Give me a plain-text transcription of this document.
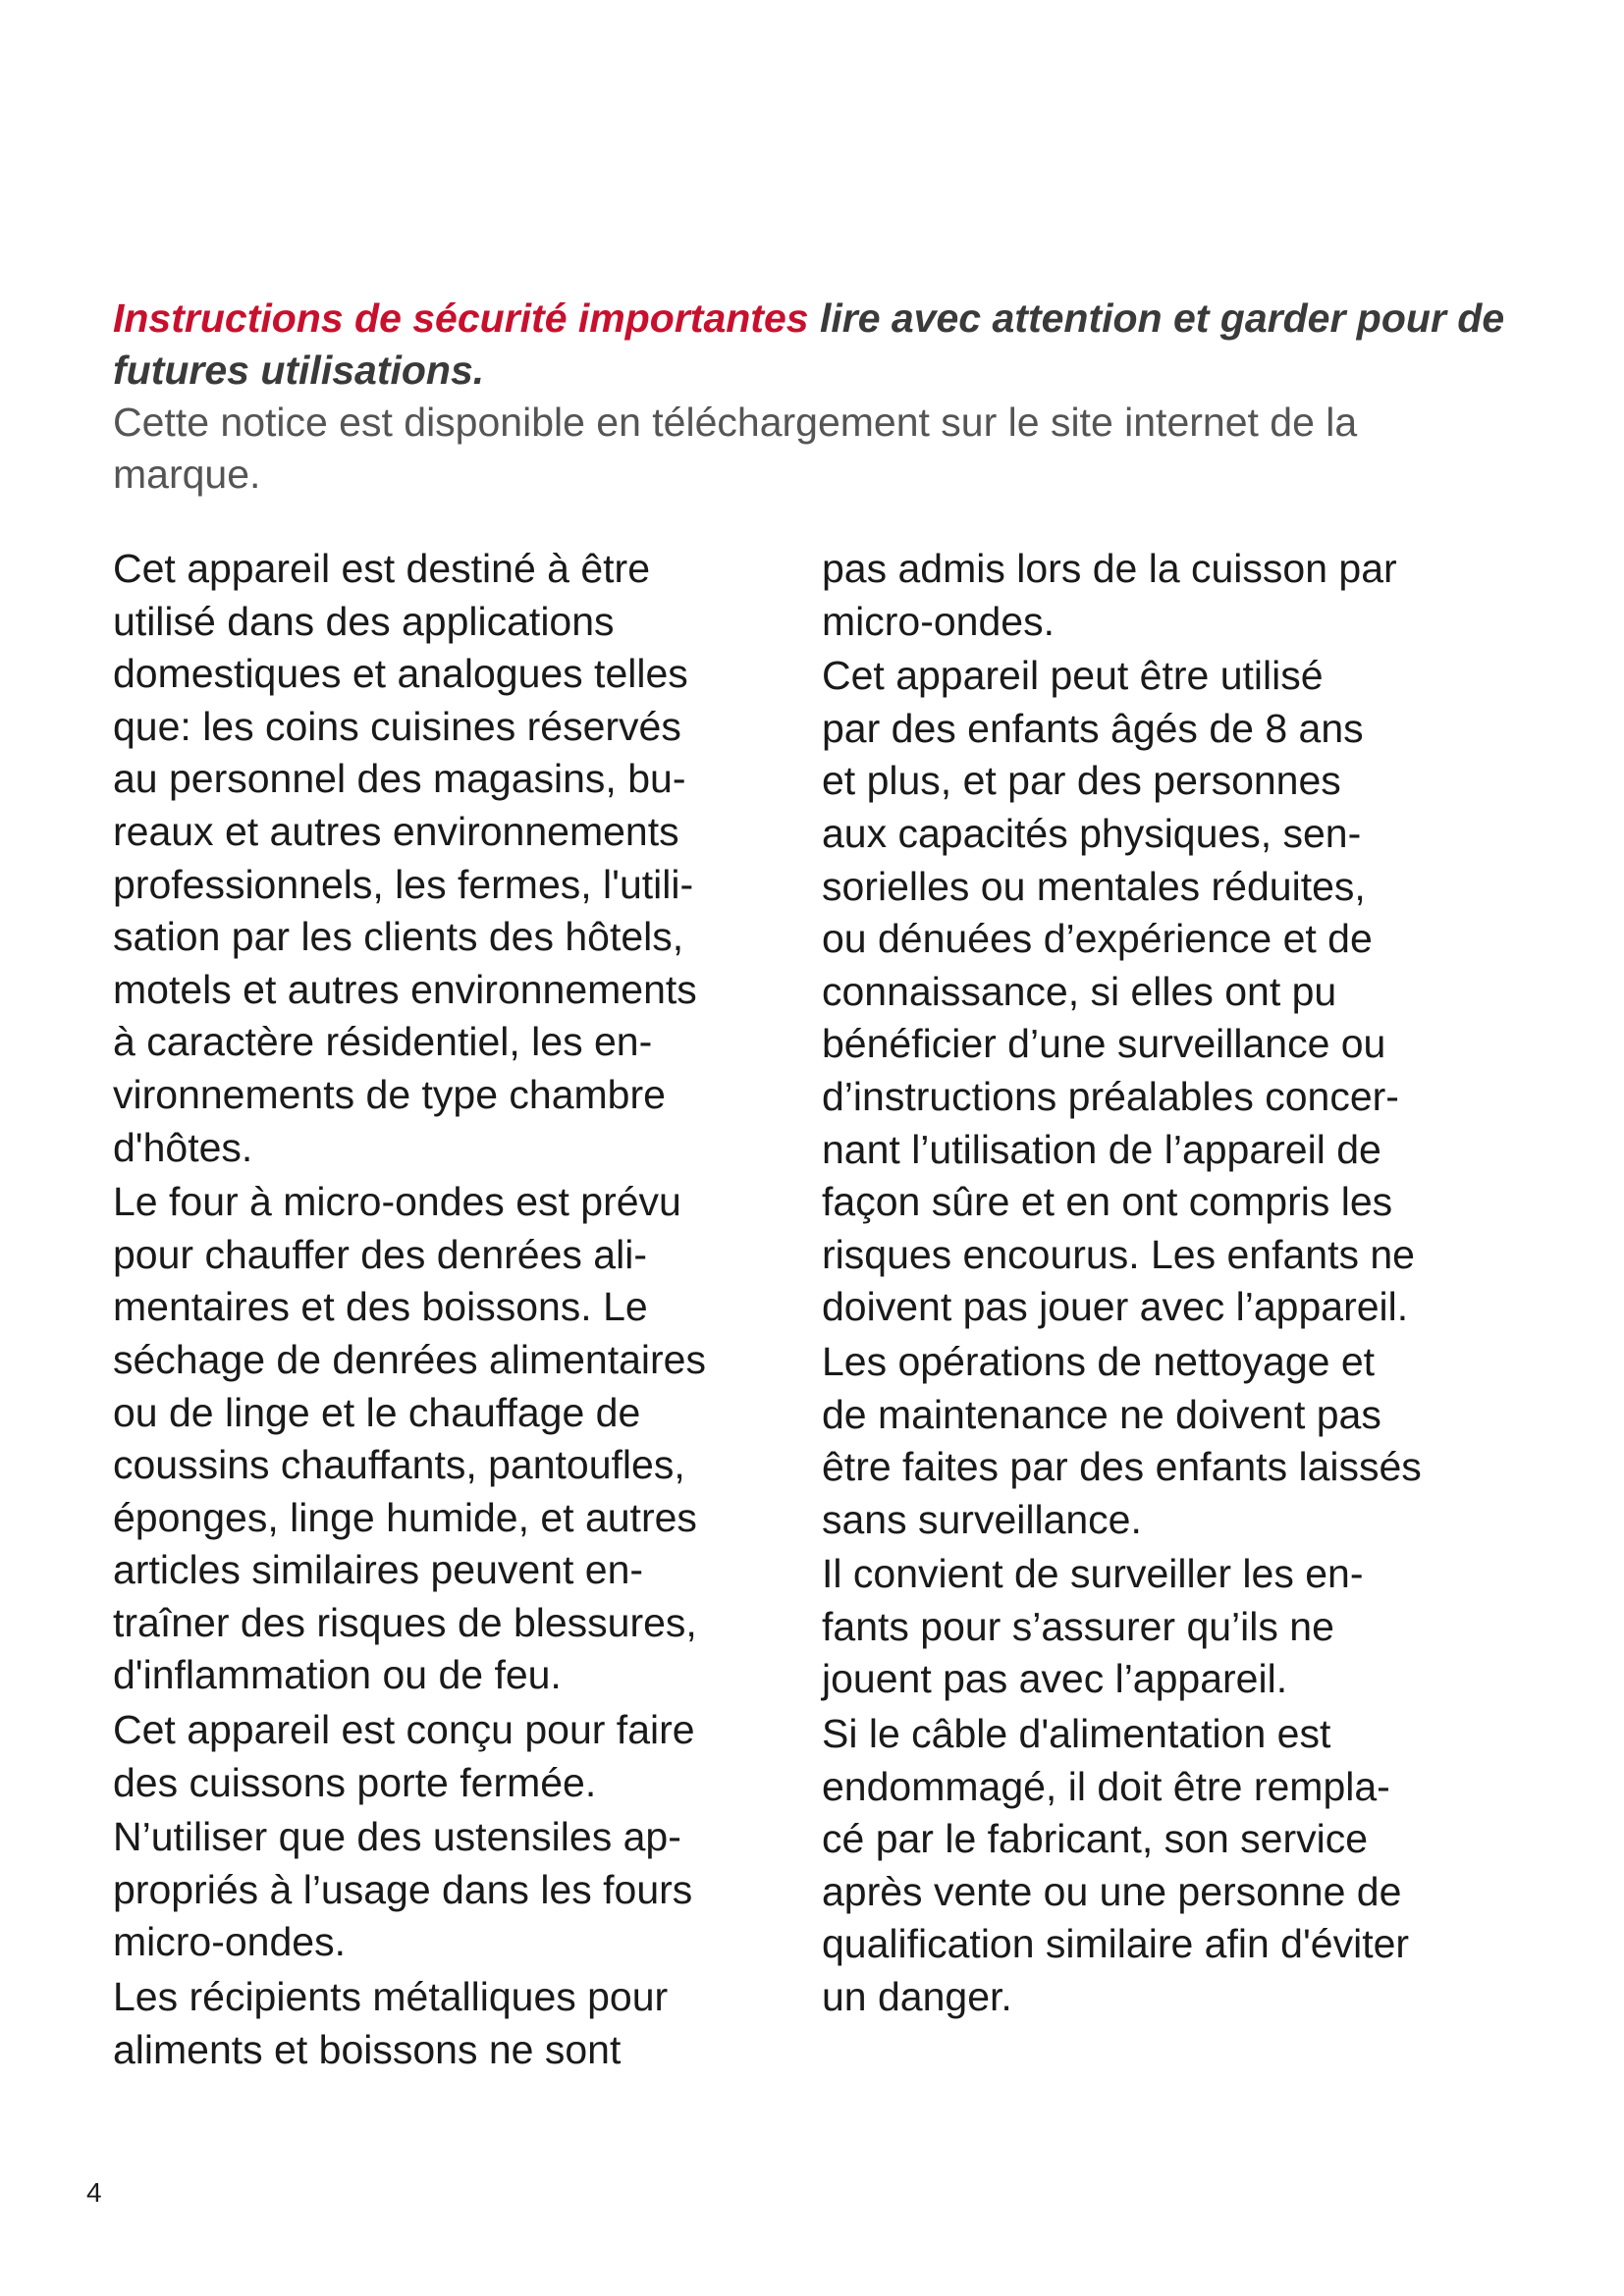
Instructions de sécurité importantes lire avec attention et garder pour de futures utilisations.

Cette notice est disponible en téléchargement sur le site internet de la marque.

Cet appareil est destiné à être
utilisé dans des applications
domestiques et analogues telles
que: les coins cuisines réservés
au personnel des magasins, bu-
reaux et autres environnements
professionnels, les fermes, l'utili-
sation par les clients des hôtels,
motels et autres environnements
à caractère résidentiel, les en-
vironnements de type chambre
d'hôtes.

Le four à micro-ondes est prévu
pour chauffer des denrées ali-
mentaires et des boissons. Le
séchage de denrées alimentaires
ou de linge et le chauffage de
coussins chauffants, pantoufles,
éponges, linge humide, et autres
articles similaires peuvent en-
traîner des risques de blessures,
d'inflammation ou de feu.

Cet appareil est conçu pour faire
des cuissons porte fermée.

N’utiliser que des ustensiles ap-
propriés à l’usage dans les fours
micro-ondes.

Les récipients métalliques pour
aliments et boissons ne sont

pas admis lors de la cuisson par
micro-ondes.

Cet appareil peut être utilisé
par des enfants âgés de 8 ans
et plus, et par des personnes
aux capacités physiques, sen-
sorielles ou mentales réduites,
ou dénuées d’expérience et de
connaissance, si elles ont pu
bénéficier d’une surveillance ou
d’instructions préalables concer-
nant l’utilisation de l’appareil de
façon sûre et en ont compris les
risques encourus. Les enfants ne
doivent pas jouer avec l’appareil.

Les opérations de nettoyage et
de maintenance ne doivent pas
être faites par des enfants laissés
sans surveillance.

Il convient de surveiller les en-
fants pour s’assurer qu’ils ne
jouent pas avec l’appareil.

Si le câble d'alimentation est
endommagé, il doit être rempla-
cé par le fabricant, son service
après vente ou une personne de
qualification similaire afin d'éviter
un danger.

4
